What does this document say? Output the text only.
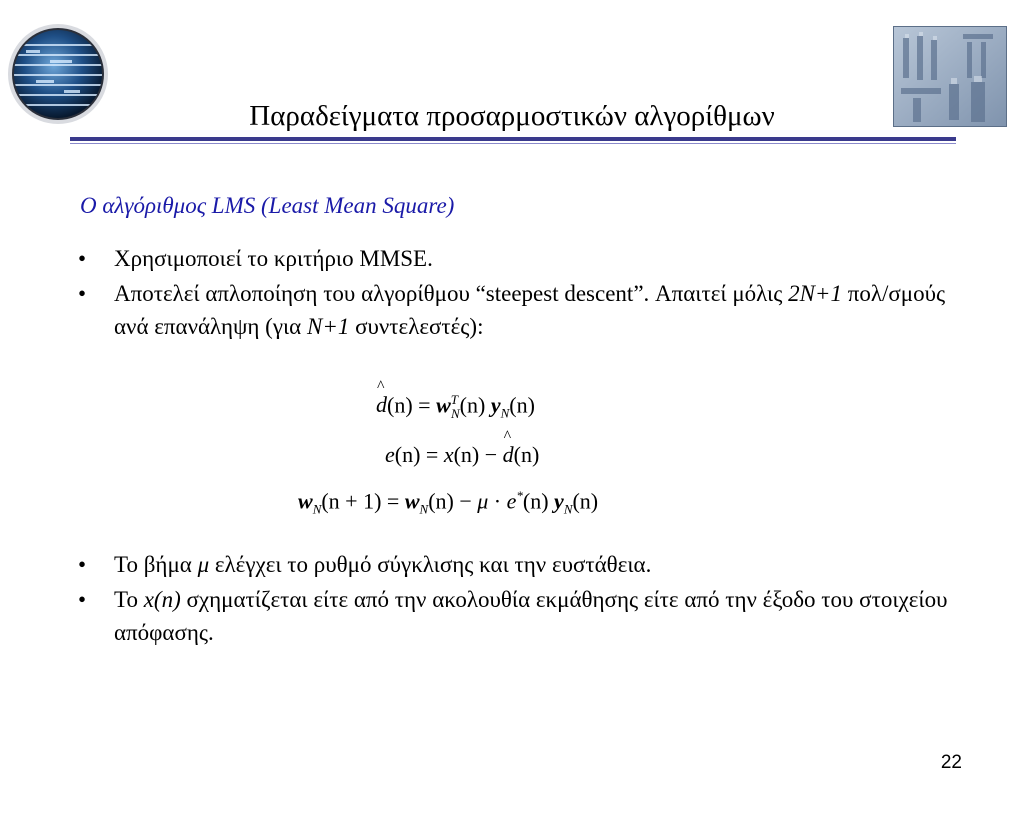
Παραδείγματα προσαρμοστικών αλγορίθμων
Ο αλγόριθμος LMS (Least Mean Square)
• Χρησιμοποιεί το κριτήριο MMSE.
• Αποτελεί απλοποίηση του αλγορίθμου “steepest descent”. Απαιτεί μόλις 2N+1 πολ/σμούς ανά επανάληψη (για N+1 συντελεστές):
^ $d(n) = w^T_N(n)$ $y_N(n)$
e(n) = x(n) − ^ d(n)
$w_N(n + 1) = w_N(n) - \mu \cdot e^*(n)$ $y_N(n)$
• Το βήμα μ ελέγχει το ρυθμό σύγκλισης και την ευστάθεια.
• Το x(n) σχηματίζεται είτε από την ακολουθία εκμάθησης είτε από την έξοδο του στοιχείου απόφασης.
22
